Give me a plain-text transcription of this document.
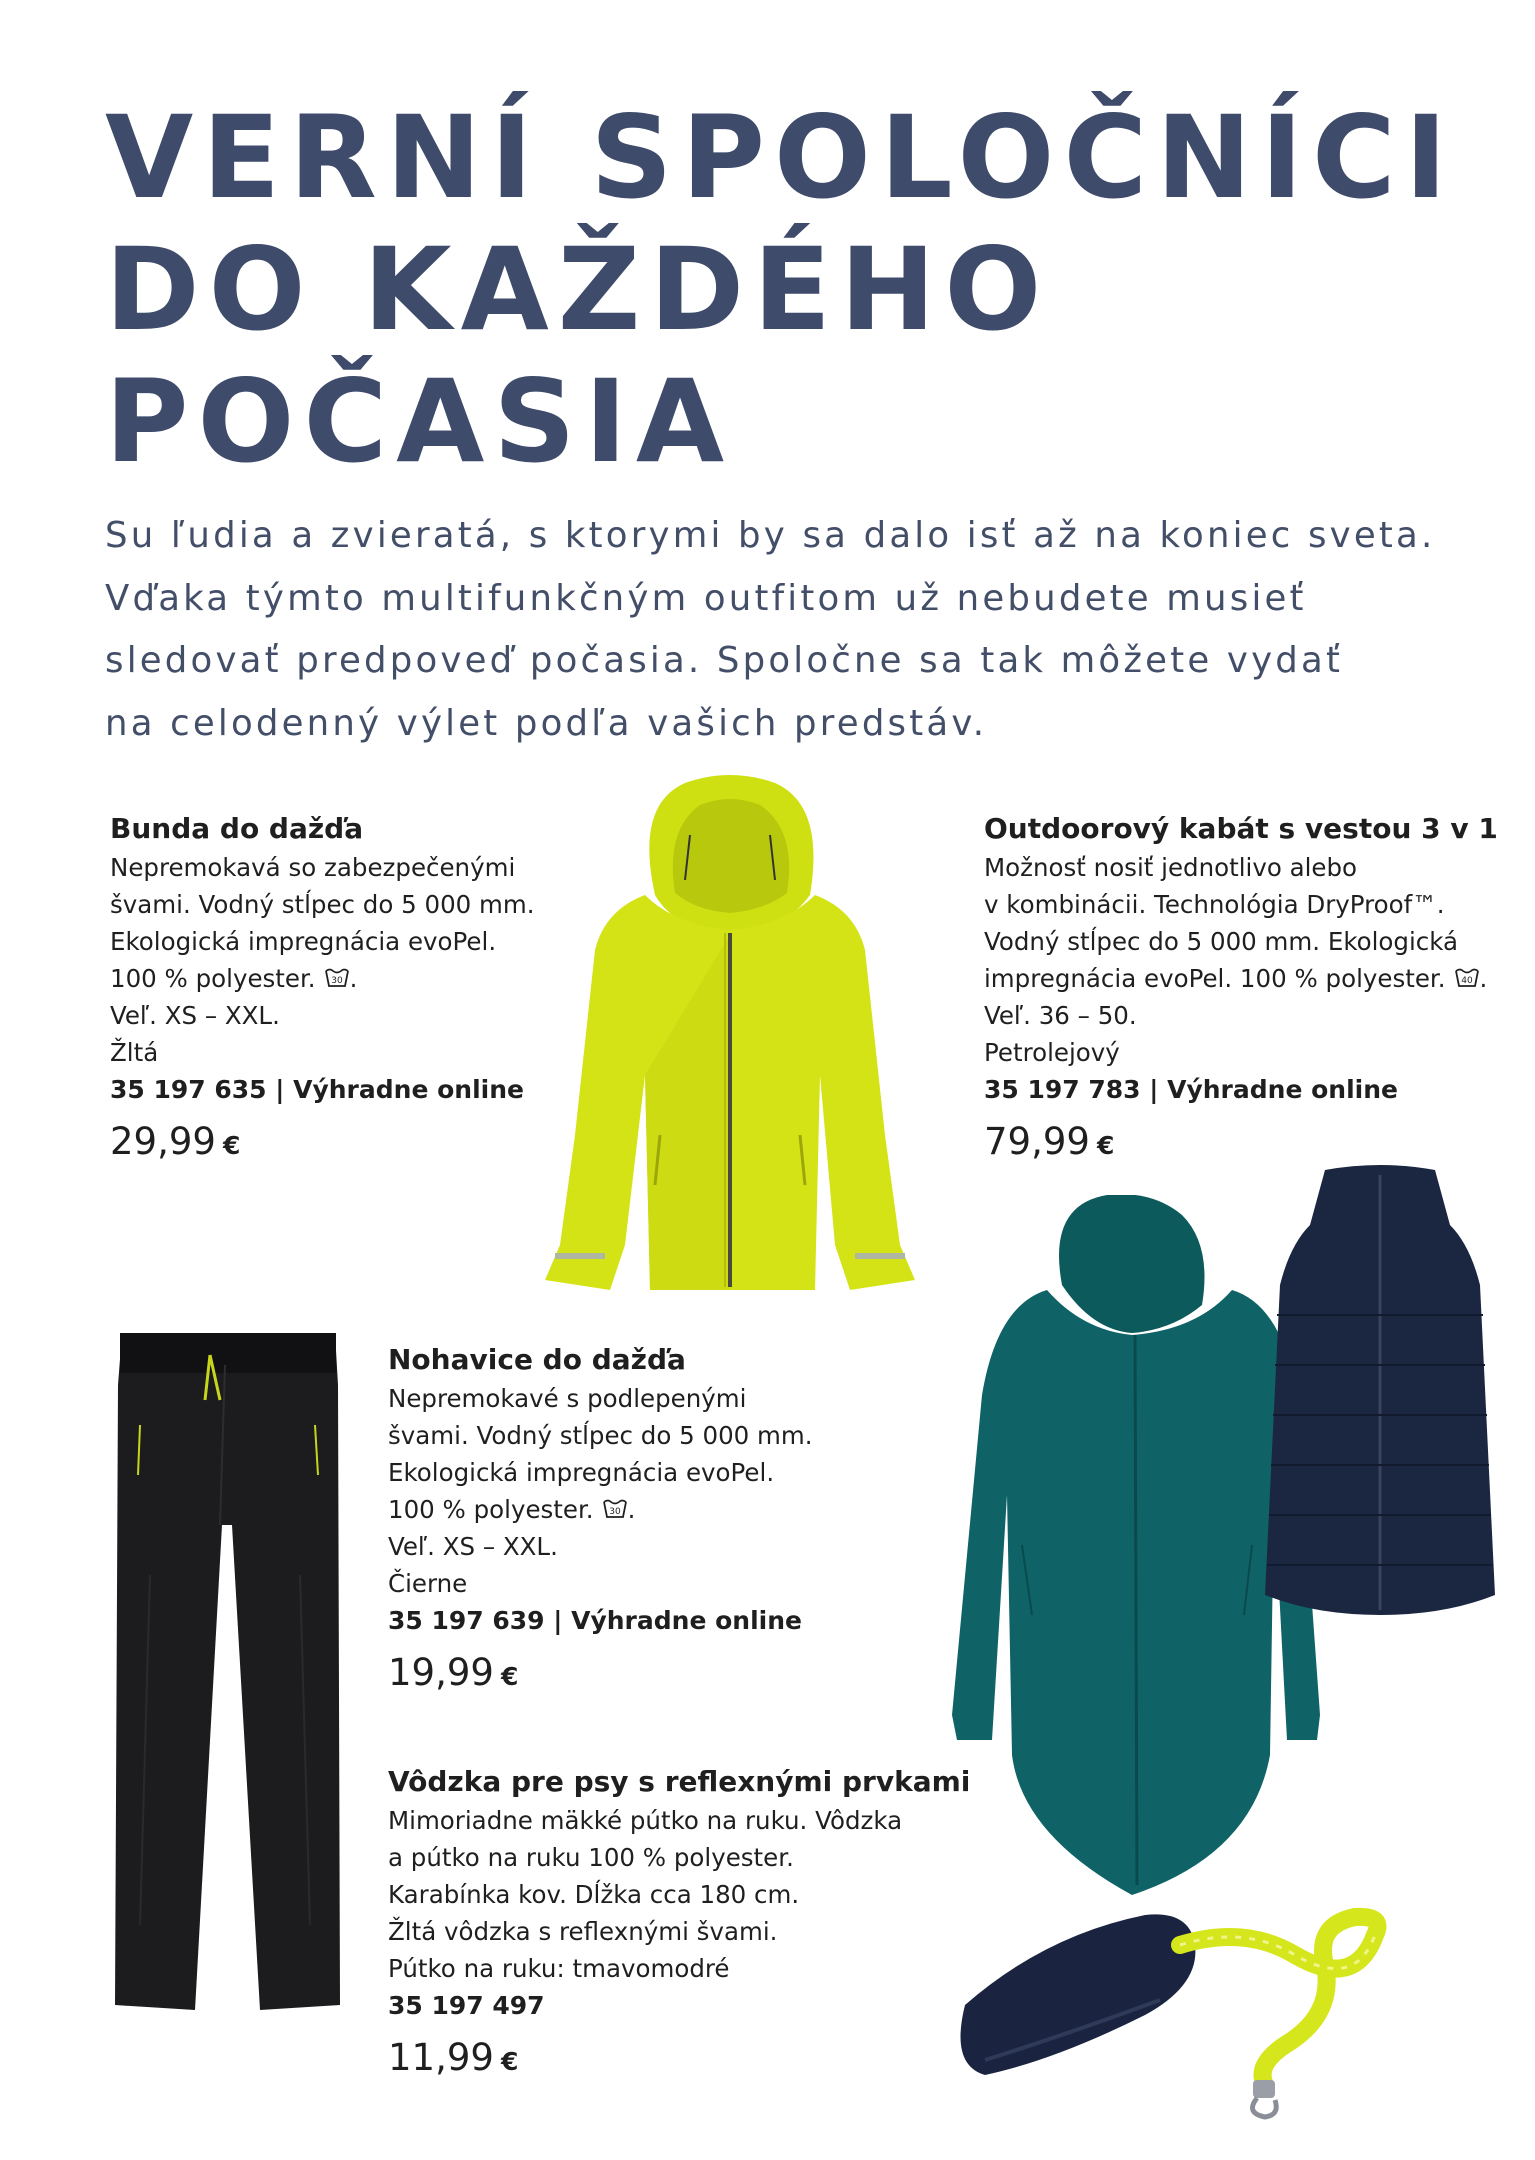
VERNÍ SPOLOČNÍCI
DO KAŽDÉHO
POČASIA

Su ľudia a zvieratá, s ktorymi by sa dalo isť až na koniec sveta.
Vďaka týmto multifunkčným outfitom už nebudete musieť
sledovať predpoveď počasia. Spoločne sa tak môžete vydať
na celodenný výlet podľa vašich predstáv.

Bunda do dažďa
Nepremokavá so zabezpečenými
švami. Vodný stĺpec do 5 000 mm.
Ekologická impregnácia evoPel.
100 % polyester. 30 .
Veľ. XS – XXL.
Žltá
35 197 635 | Výhradne online
29,99 €
Outdoorový kabát s vestou 3 v 1
Možnosť nosiť jednotlivo alebo
v kombinácii. Technológia DryProof™.
Vodný stĺpec do 5 000 mm. Ekologická
impregnácia evoPel. 100 % polyester. 40 .
Veľ. 36 – 50.
Petrolejový
35 197 783 | Výhradne online
79,99 €
Nohavice do dažďa
Nepremokavé s podlepenými
švami. Vodný stĺpec do 5 000 mm.
Ekologická impregnácia evoPel.
100 % polyester. 30 .
Veľ. XS – XXL.
Čierne
35 197 639 | Výhradne online
19,99 €
Vôdzka pre psy s reflexnými prvkami
Mimoriadne mäkké pútko na ruku. Vôdzka
a pútko na ruku 100 % polyester.
Karabínka kov. Dĺžka cca 180 cm.
Žltá vôdzka s reflexnými švami.
Pútko na ruku: tmavomodré
35 197 497
11,99 €
